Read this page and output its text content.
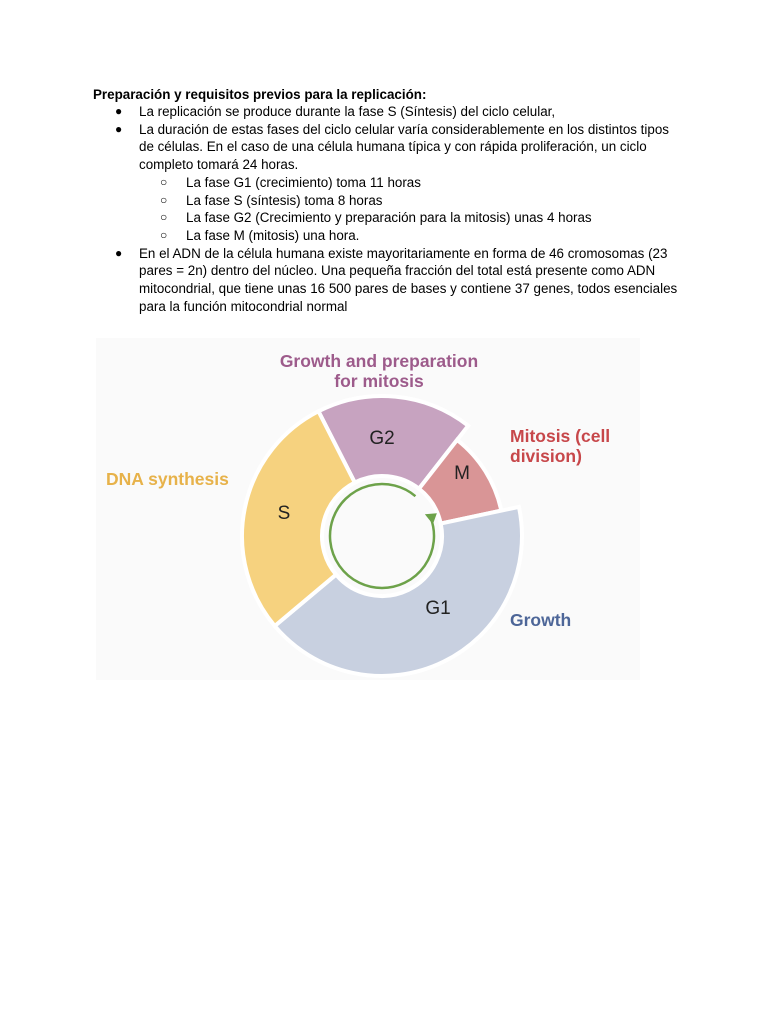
Preparación y requisitos previos para la replicación:
● La replicación se produce durante la fase S (Síntesis) del ciclo celular,
● La duración de estas fases del ciclo celular varía considerablemente en los distintos tipos de células. En el caso de una célula humana típica y con rápida proliferación, un ciclo completo tomará 24 horas.
○ La fase G1 (crecimiento) toma 11 horas
○ La fase S (síntesis) toma 8 horas
○ La fase G2 (Crecimiento y preparación para la mitosis) unas 4 horas
○ La fase M (mitosis) una hora.
● En el ADN de la célula humana existe mayoritariamente en forma de 46 cromosomas (23 pares = 2n) dentro del núcleo. Una pequeña fracción del total está presente como ADN mitocondrial, que tiene unas 16 500 pares de bases y contiene 37 genes, todos esenciales para la función mitocondrial normal
G2
M
G1
S
Growth and preparation
for mitosis
Mitosis (cell
division)
DNA synthesis
Growth
